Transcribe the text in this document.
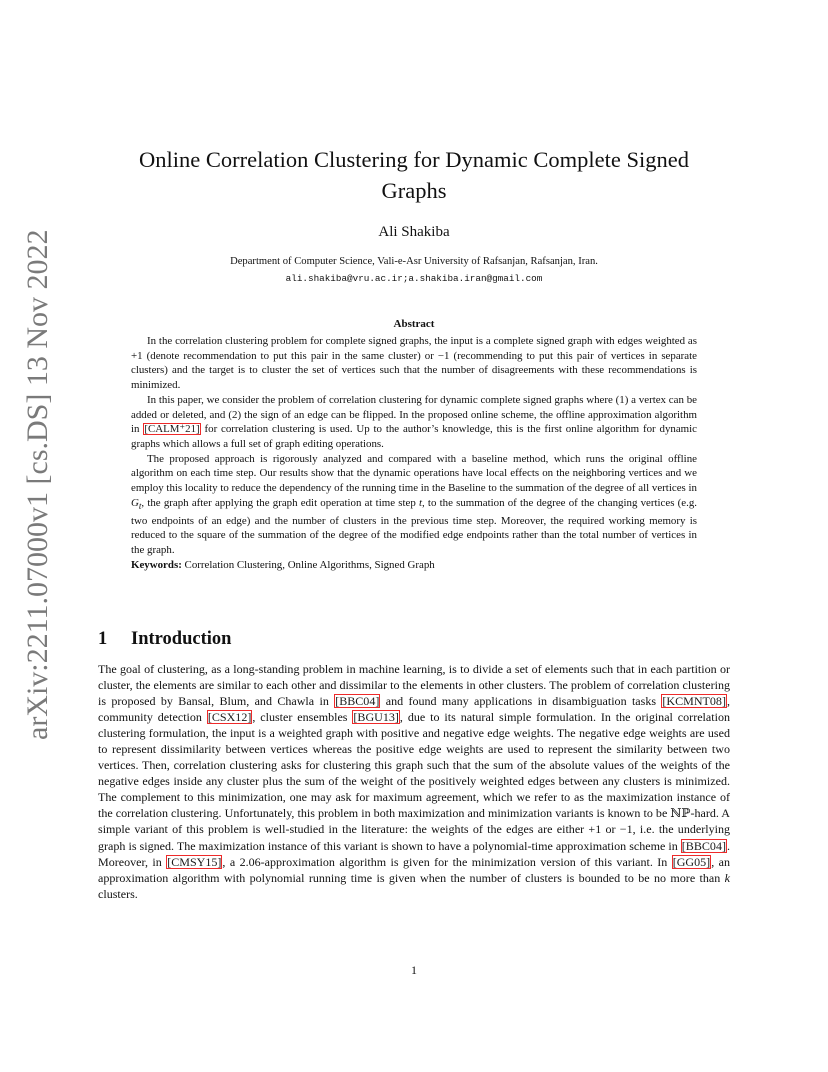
arXiv:2211.07000v1 [cs.DS] 13 Nov 2022
Online Correlation Clustering for Dynamic Complete Signed Graphs
Ali Shakiba
Department of Computer Science, Vali-e-Asr University of Rafsanjan, Rafsanjan, Iran.
ali.shakiba@vru.ac.ir;a.shakiba.iran@gmail.com
Abstract

In the correlation clustering problem for complete signed graphs, the input is a complete signed graph with edges weighted as +1 (denote recommendation to put this pair in the same cluster) or −1 (recommending to put this pair of vertices in separate clusters) and the target is to cluster the set of vertices such that the number of disagreements with these recommendations is minimized.

In this paper, we consider the problem of correlation clustering for dynamic complete signed graphs where (1) a vertex can be added or deleted, and (2) the sign of an edge can be flipped. In the proposed online scheme, the offline approximation algorithm in [CALM⁺21] for correlation clustering is used. Up to the author’s knowledge, this is the first online algorithm for dynamic graphs which allows a full set of graph editing operations.

The proposed approach is rigorously analyzed and compared with a baseline method, which runs the original offline algorithm on each time step. Our results show that the dynamic operations have local effects on the neighboring vertices and we employ this locality to reduce the dependency of the running time in the Baseline to the summation of the degree of all vertices in $G_t$, the graph after applying the graph edit operation at time step t, to the summation of the degree of the changing vertices (e.g. two endpoints of an edge) and the number of clusters in the previous time step. Moreover, the required working memory is reduced to the square of the summation of the degree of the modified edge endpoints rather than the total number of vertices in the graph.

Keywords: Correlation Clustering, Online Algorithms, Signed Graph

1 Introduction

The goal of clustering, as a long-standing problem in machine learning, is to divide a set of elements such that in each partition or cluster, the elements are similar to each other and dissimilar to the elements in other clusters. The problem of correlation clustering is proposed by Bansal, Blum, and Chawla in [BBC04] and found many applications in disambiguation tasks [KCMNT08], community detection [CSX12], cluster ensembles [BGU13], due to its natural simple formulation. In the original correlation clustering formulation, the input is a weighted graph with positive and negative edge weights. The negative edge weights are used to represent dissimilarity between vertices whereas the positive edge weights are used to represent the similarity between two vertices. Then, correlation clustering asks for clustering this graph such that the sum of the absolute values of the weights of the negative edges inside any cluster plus the sum of the weight of the positively weighted edges between any clusters is minimized. The complement to this minimization, one may ask for maximum agreement, which we refer to as the maximization instance of the correlation clustering. Unfortunately, this problem in both maximization and minimization variants is known to be ℕℙ-hard. A simple variant of this problem is well-studied in the literature: the weights of the edges are either +1 or −1, i.e. the underlying graph is signed. The maximization instance of this variant is shown to have a polynomial-time approximation scheme in [BBC04]. Moreover, in [CMSY15], a 2.06-approximation algorithm is given for the minimization version of this variant. In [GG05], an approximation algorithm with polynomial running time is given when the number of clusters is bounded to be no more than k clusters.

1
